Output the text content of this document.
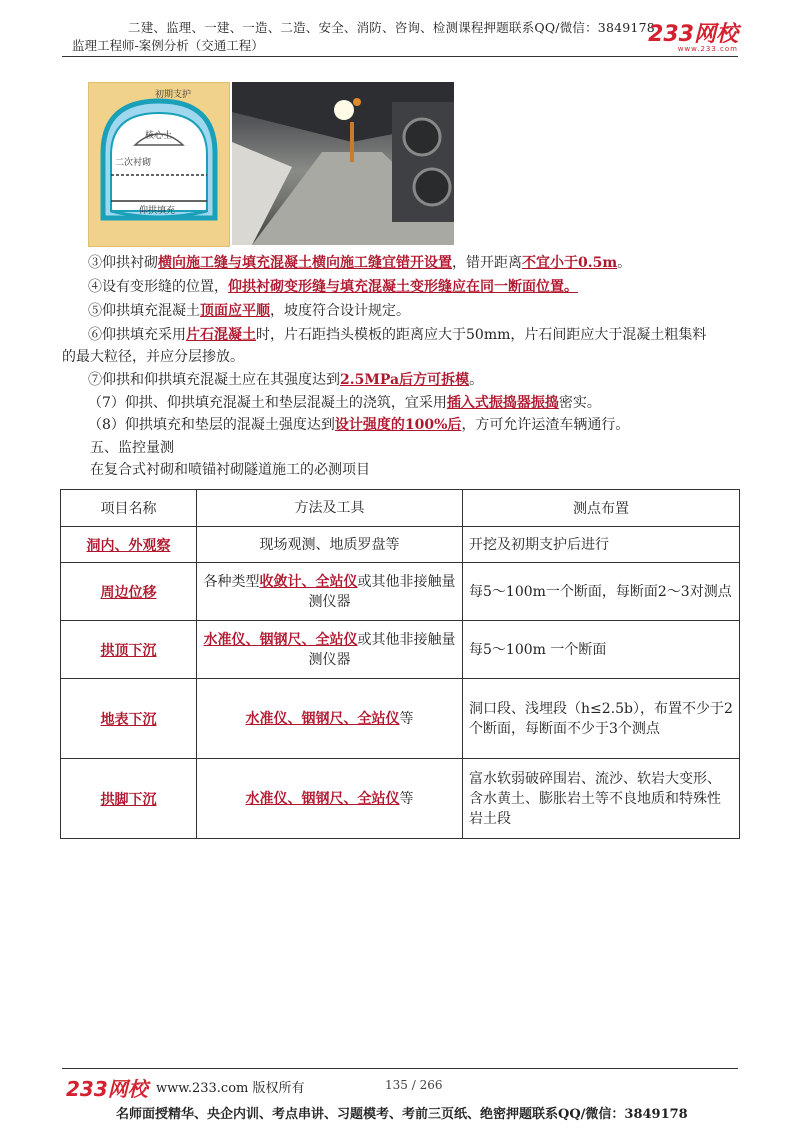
二建、监理、一建、一造、二造、安全、消防、咨询、检测课程押题联系QQ/微信：3849178
监理工程师-案例分析（交通工程）	233网校
www.233.com
初期支护
核心土
二次衬砌
仰拱填充
③仰拱衬砌横向施工缝与填充混凝土横向施工缝宜错开设置，错开距离不宜小于0.5m。
④设有变形缝的位置，仰拱衬砌变形缝与填充混凝土变形缝应在同一断面位置。
⑤仰拱填充混凝土顶面应平顺，坡度符合设计规定。
⑥仰拱填充采用片石混凝土时，片石距挡头模板的距离应大于50mm，片石间距应大于混凝土粗集料
的最大粒径，并应分层掺放。
⑦仰拱和仰拱填充混凝土应在其强度达到2.5MPa后方可拆模。
（7）仰拱、仰拱填充混凝土和垫层混凝土的浇筑，宜采用插入式振捣器振捣密实。
（8）仰拱填充和垫层的混凝土强度达到设计强度的100%后，方可允许运渣车辆通行。
五、监控量测
在复合式衬砌和喷锚衬砌隧道施工的必测项目
项目名称	方法及工具	测点布置
洞内、外观察	现场观测、地质罗盘等	开挖及初期支护后进行
周边位移	各种类型收敛计、全站仪或其他非接触量测仪器	每5～100m一个断面，每断面2～3对测点
拱顶下沉	水准仪、铟钢尺、全站仪或其他非接触量测仪器	每5～100m 一个断面
地表下沉	水准仪、铟钢尺、全站仪等	洞口段、浅埋段（h≤2.5b），布置不少于2个断面，每断面不少于3个测点
拱脚下沉	水准仪、铟钢尺、全站仪等	富水软弱破碎围岩、流沙、软岩大变形、含水黄土、膨胀岩土等不良地质和特殊性岩土段
233网校 www.233.com 版权所有	135 / 266
名师面授精华、央企内训、考点串讲、习题模考、考前三页纸、绝密押题联系QQ/微信：3849178
